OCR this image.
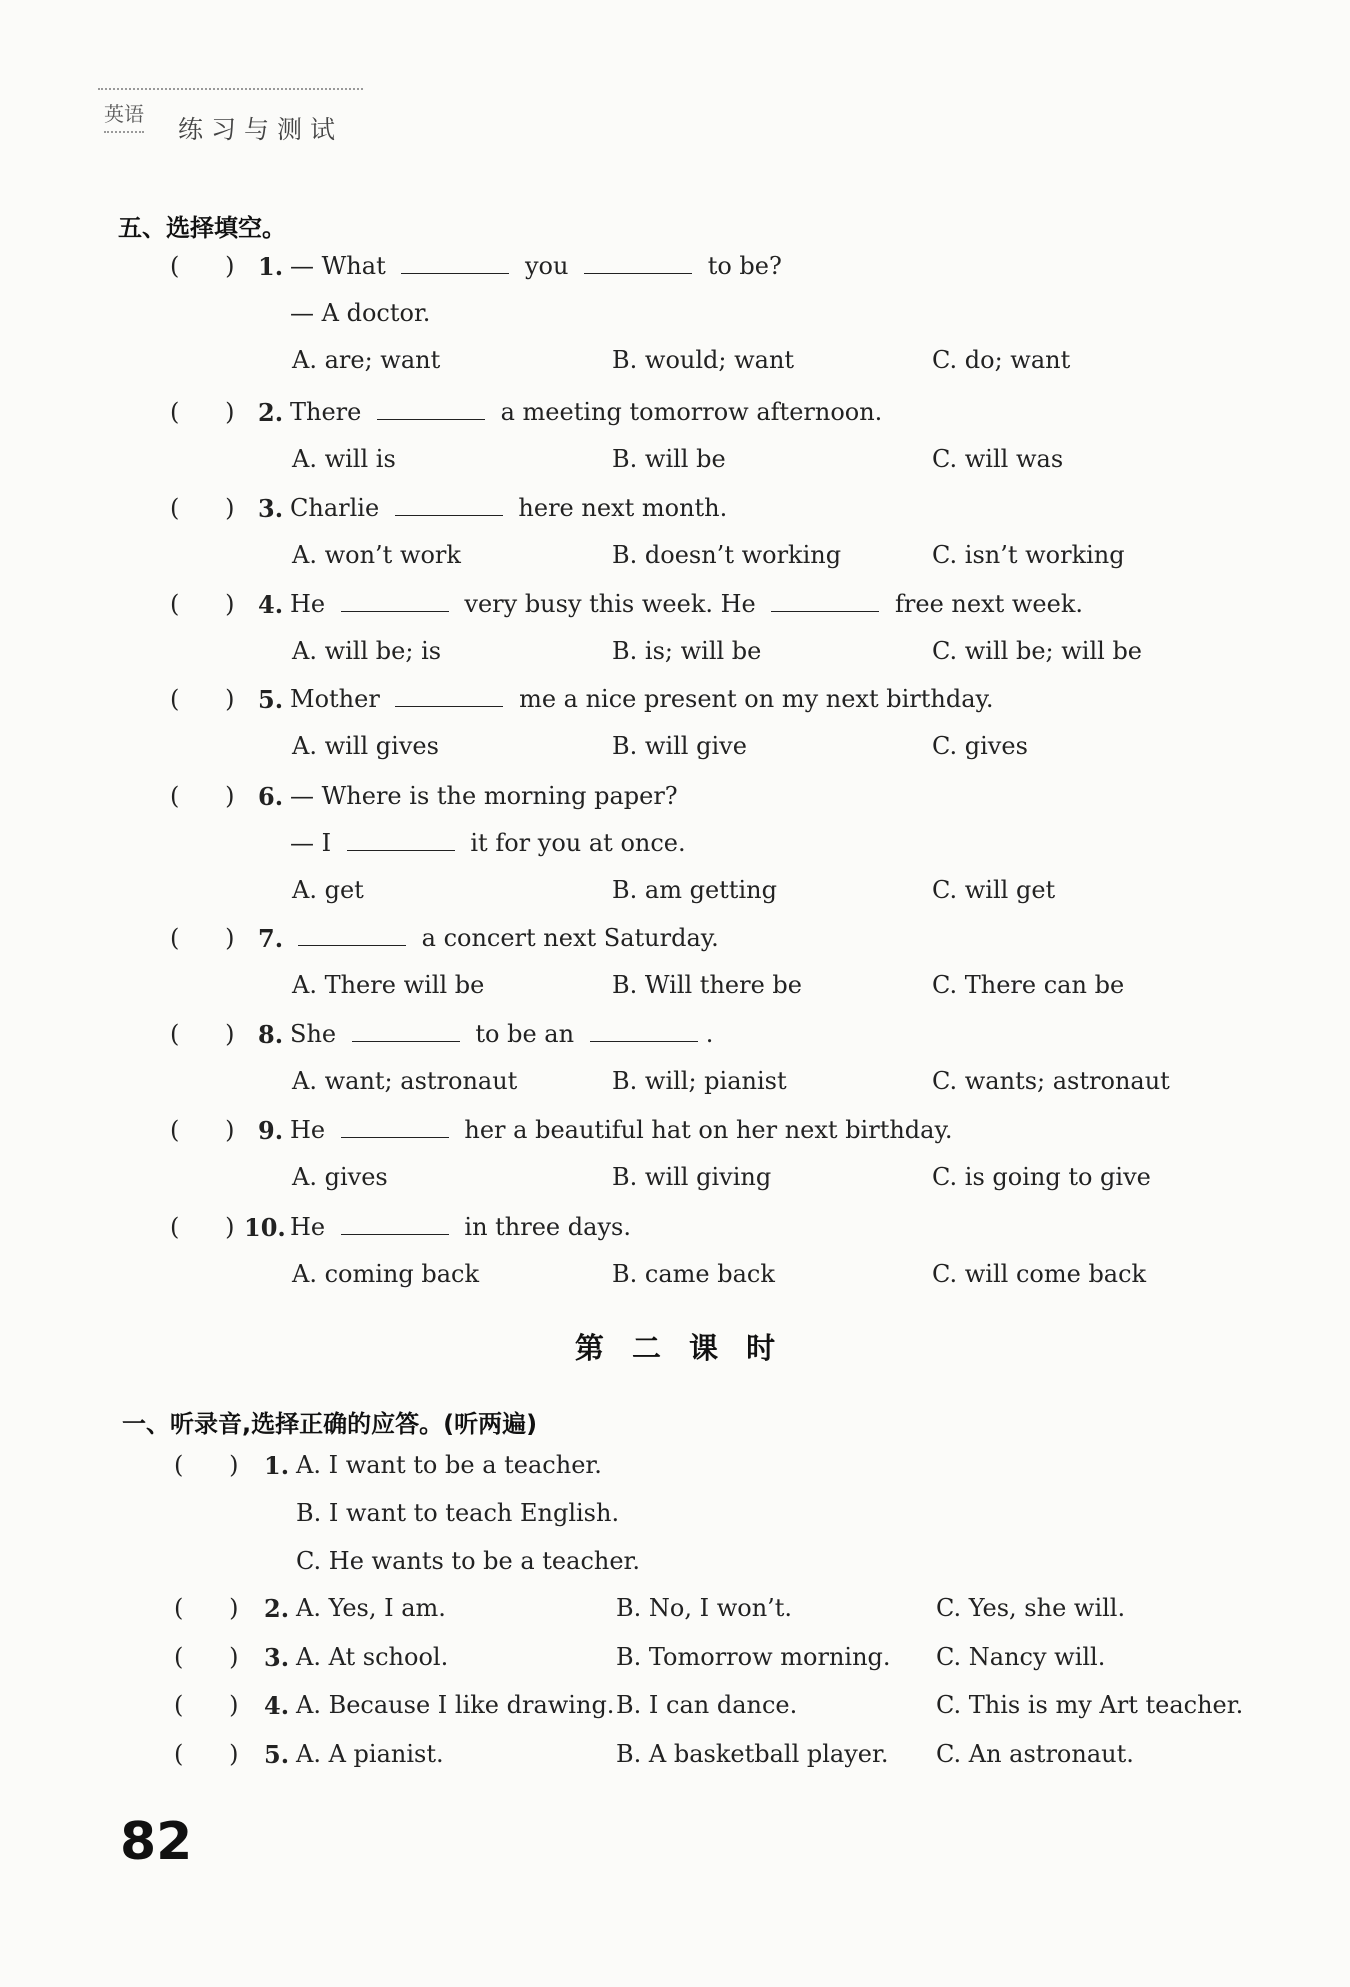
英语
练习与测试
五、选择填空。
(      ) 1. — What	you	to be?
— A doctor.
A. are; want	B. would; want	C. do; want
(      ) 2. There	a meeting tomorrow afternoon.
A. will is	B. will be	C. will was
(      ) 3. Charlie	here next month.
A. won’t work	B. doesn’t working	C. isn’t working
(      ) 4. He	very busy this week. He	free next week.
A. will be; is	B. is; will be	C. will be; will be
(      ) 5. Mother	me a nice present on my next birthday.
A. will gives	B. will give	C. gives
(      ) 6. — Where is the morning paper?
— I	it for you at once.
A. get	B. am getting	C. will get
(      ) 7.	a concert next Saturday.
A. There will be	B. Will there be	C. There can be
(      ) 8. She	to be an	.
A. want; astronaut	B. will; pianist	C. wants; astronaut
(      ) 9. He	her a beautiful hat on her next birthday.
A. gives	B. will giving	C. is going to give
(      ) 10. He	in three days.
A. coming back	B. came back	C. will come back
第 二 课 时
一、听录音,选择正确的应答。(听两遍)
(      ) 1. A. I want to be a teacher.
B. I want to teach English.
C. He wants to be a teacher.
(      ) 2. A. Yes, I am.	B. No, I won’t.	C. Yes, she will.
(      ) 3. A. At school.	B. Tomorrow morning. C. Nancy will.
(      ) 4. A. Because I like drawing. B. I can dance.	C. This is my Art teacher.
(      ) 5. A. A pianist.	B. A basketball player. C. An astronaut.
82
